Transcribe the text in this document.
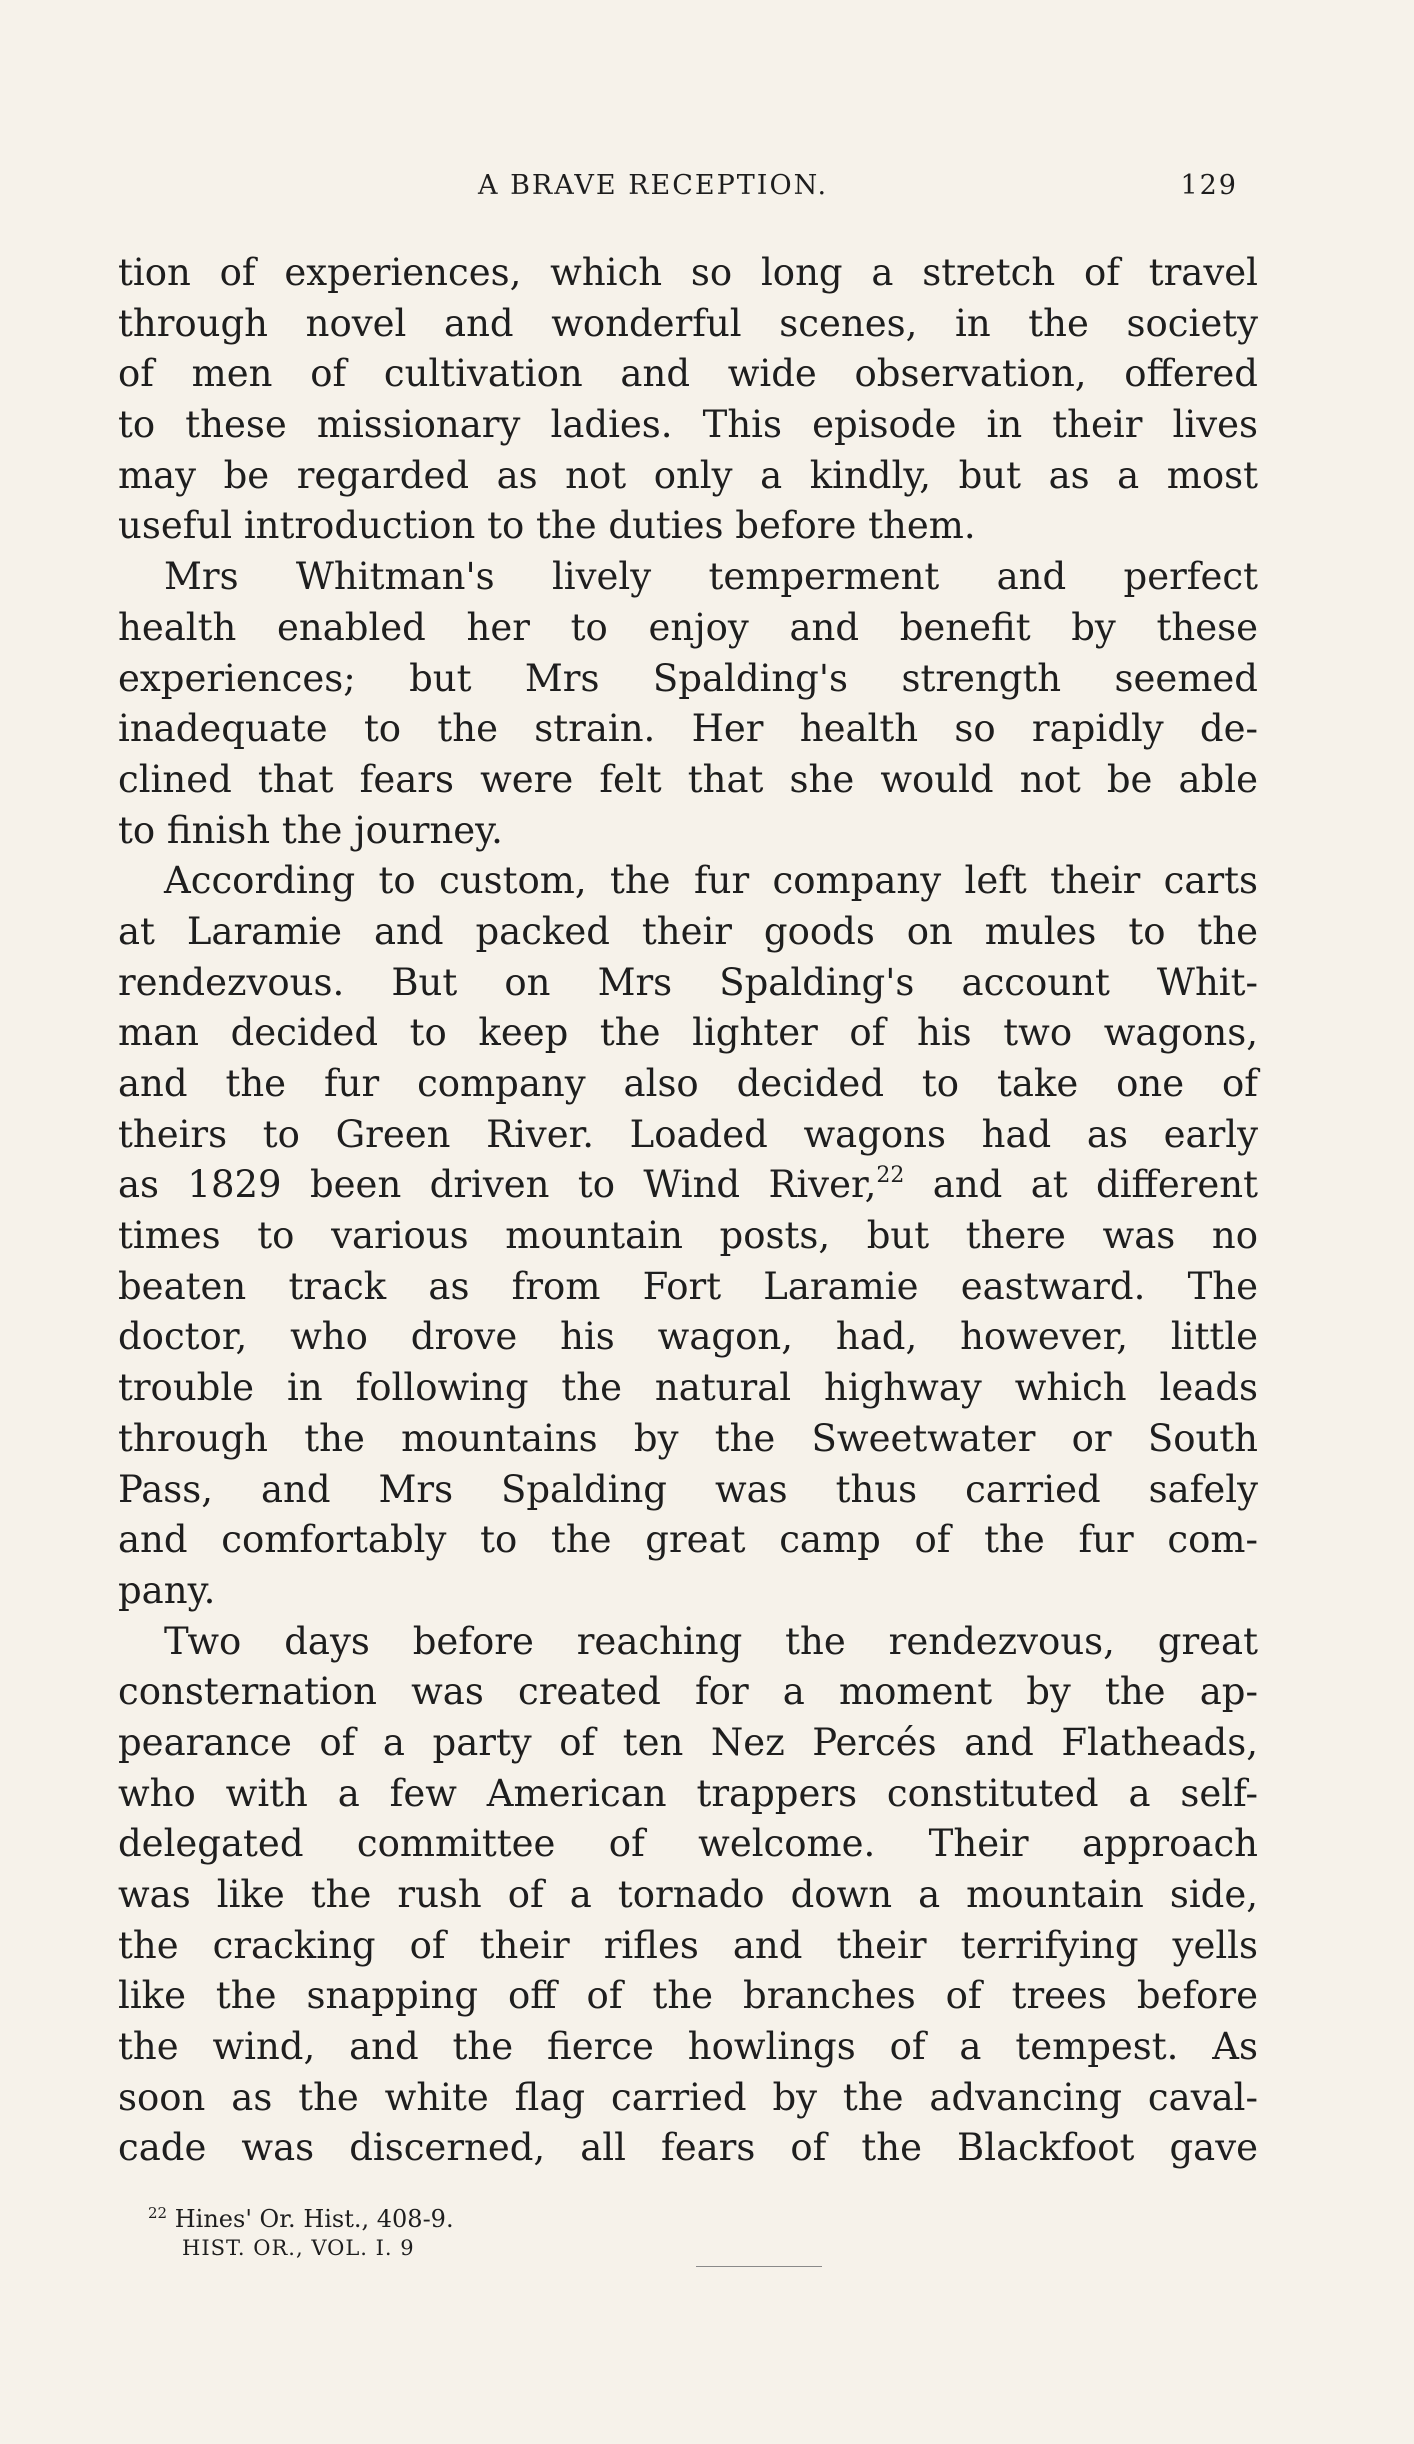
A BRAVE RECEPTION.	129
tion of experiences, which so long a stretch of travel
through novel and wonderful scenes, in the society
of men of cultivation and wide observation, offered
to these missionary ladies. This episode in their lives
may be regarded as not only a kindly, but as a most
useful introduction to the duties before them.
Mrs Whitman's lively temperment and perfect
health enabled her to enjoy and benefit by these
experiences; but Mrs Spalding's strength seemed
inadequate to the strain. Her health so rapidly de-
clined that fears were felt that she would not be able
to finish the journey.
According to custom, the fur company left their carts
at Laramie and packed their goods on mules to the
rendezvous. But on Mrs Spalding's account Whit-
man decided to keep the lighter of his two wagons,
and the fur company also decided to take one of
theirs to Green River. Loaded wagons had as early
as 1829 been driven to Wind River,$^{22}$ and at different
times to various mountain posts, but there was no
beaten track as from Fort Laramie eastward. The
doctor, who drove his wagon, had, however, little
trouble in following the natural highway which leads
through the mountains by the Sweetwater or South
Pass, and Mrs Spalding was thus carried safely
and comfortably to the great camp of the fur com-
pany.
Two days before reaching the rendezvous, great
consternation was created for a moment by the ap-
pearance of a party of ten Nez Percés and Flatheads,
who with a few American trappers constituted a self-
delegated committee of welcome. Their approach
was like the rush of a tornado down a mountain side,
the cracking of their rifles and their terrifying yells
like the snapping off of the branches of trees before
the wind, and the fierce howlings of a tempest. As
soon as the white flag carried by the advancing caval-
cade was discerned, all fears of the Blackfoot gave
$^{22}$ Hines' Or. Hist., 408-9.
HIST. OR., VOL. I. 9
